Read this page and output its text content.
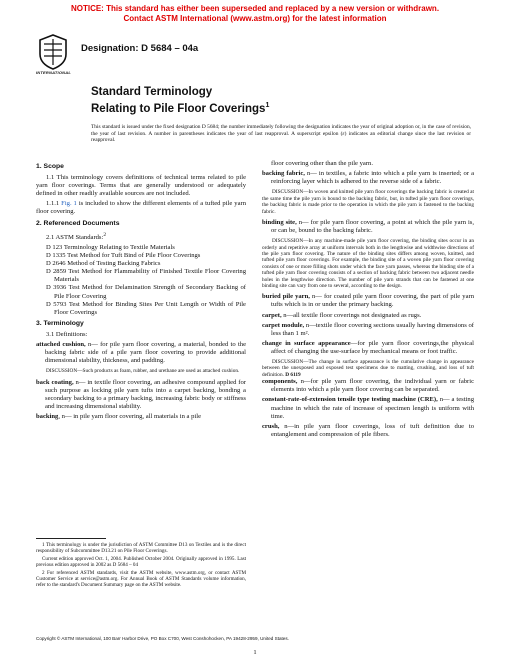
NOTICE: This standard has either been superseded and replaced by a new version or withdrawn.
Contact ASTM International (www.astm.org) for the latest information
INTERNATIONAL
Designation: D 5684 – 04a
Standard Terminology
Relating to Pile Floor Coverings$^1$
This standard is issued under the fixed designation D 5684; the number immediately following the designation indicates the year of original adoption or, in the case of revision, the year of last revision. A number in parentheses indicates the year of last reapproval. A superscript epsilon (ε) indicates an editorial change since the last revision or reapproval.
1. Scope
1.1 This terminology covers definitions of technical terms related to pile yarn floor coverings. Terms that are generally understood or adequately defined in other readily available sources are not included.
1.1.1 Fig. 1 is included to show the different elements of a tufted pile yarn floor covering.
2. Referenced Documents
2.1 ASTM Standards:$^2$
D 123 Terminology Relating to Textile Materials
D 1335 Test Method for Tuft Bind of Pile Floor Coverings
D 2646 Method of Testing Backing Fabrics
D 2859 Test Method for Flammability of Finished Textile Floor Covering Materials
D 3936 Test Method for Delamination Strength of Secondary Backing of Pile Floor Covering
D 5793 Test Method for Binding Sites Per Unit Length or Width of Pile Floor Coverings
3. Terminology
3.1 Definitions:
attached cushion, n— for pile yarn floor covering, a material, bonded to the backing fabric side of a pile yarn floor covering to provide additional dimensional stability, thickness, and padding.
DISCUSSION—Such products as foam, rubber, and urethane are used as attached cushion.
back coating, n— in textile floor covering, an adhesive compound applied for such purpose as locking pile yarn tufts into a carpet backing, bonding a secondary backing to a primary backing, increasing fabric body or stiffness and increasing dimensional stability.
backing, n— in pile yarn floor covering, all materials in a pile
floor covering other than the pile yarn.
backing fabric, n— in textiles, a fabric into which a pile yarn is inserted; or a reinforcing layer which is adhered to the reverse side of a fabric.
DISCUSSION—In woven and knitted pile yarn floor coverings the backing fabric is created at the same time the pile yarn is bound to the backing fabric, but, in tufted pile yarn floor coverings, the backing fabric is made prior to the operation in which the pile yarn is fastened to the backing fabric.
binding site, n— for pile yarn floor covering, a point at which the pile yarn is, or can be, bound to the backing fabric.
DISCUSSION—In any machine-made pile yarn floor covering, the binding sites occur in an orderly and repetitive array at uniform intervals both in the lengthwise and widthwise directions of the pile yarn floor covering. The nature of the binding sites differs among woven, knitted, and tufted pile yarn floor coverings. For example, the binding site of a woven pile yarn floor covering consists of one or more filling shots under which the face yarn passes, whereas the binding site of a tufted pile yarn floor covering consists of a section of backing fabric between two adjacent needle holes in the lengthwise direction. The number of pile yarn strands that can be fastened at one binding site can vary from one to several, according to the design.
buried pile yarn, n— for coated pile yarn floor covering, the part of pile yarn tufts which is in or under the primary backing.
carpet, n—all textile floor coverings not designated as rugs.
carpet module, n—textile floor covering sections usually having dimensions of less than 1 m².
change in surface appearance—for pile yarn floor coverings,the physical affect of changing the use-surface by mechanical means or foot traffic.
DISCUSSION—The change in surface appearance is the cumulative change in appearance between the unexposed and exposed test specimens due to matting, crushing, and loss of tuft definition. D 6119
components, n—for pile yarn floor covering, the individual yarn or fabric elements into which a pile yarn floor covering can be separated.
constant-rate-of-extension tensile type testing machine (CRE), n— a testing machine in which the rate of increase of specimen length is uniform with time.
crush, n—in pile yarn floor coverings, loss of tuft definition due to entanglement and compression of pile fibers.
1 This terminology is under the jurisdiction of ASTM Committee D13 on Textiles and is the direct responsibility of Subcommittee D13.21 on Pile Floor Coverings.
Current edition approved Oct. 1, 2004. Published October 2004. Originally approved in 1995. Last previous edition approved in 2002 as D 5684 – 04
2 For referenced ASTM standards, visit the ASTM website, www.astm.org, or contact ASTM Customer Service at service@astm.org. For Annual Book of ASTM Standards volume information, refer to the standard's Document Summary page on the ASTM website.
Copyright © ASTM International, 100 Barr Harbor Drive, PO Box C700, West Conshohocken, PA 19428-2959, United States.
1
